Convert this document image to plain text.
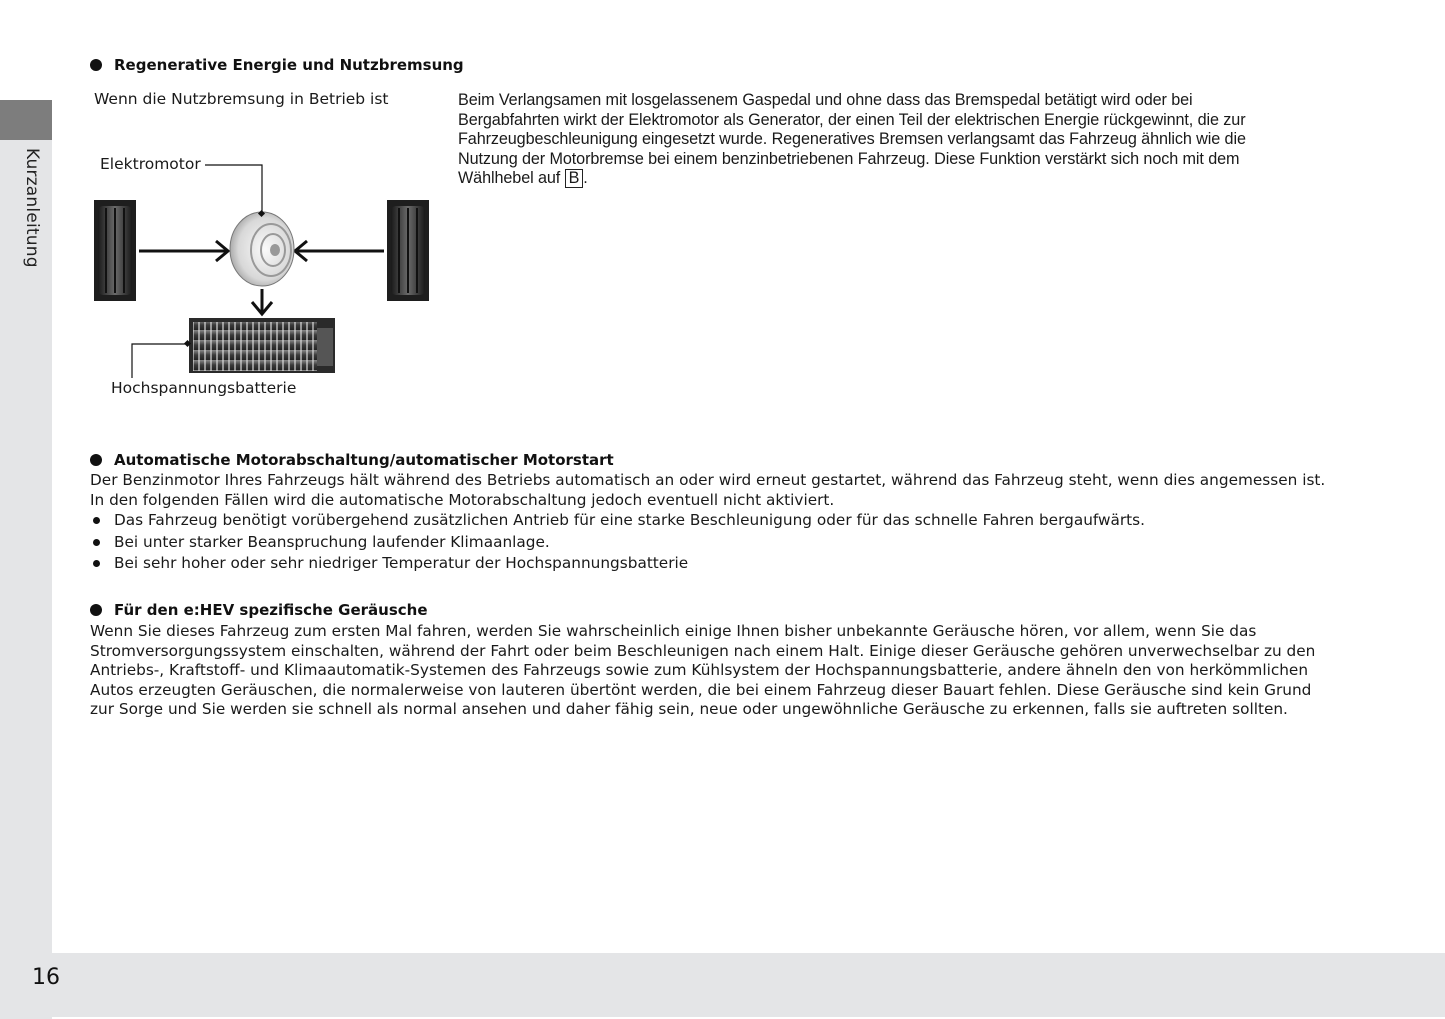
Kurzanleitung
Regenerative Energie und Nutzbremsung
Wenn die Nutzbremsung in Betrieb ist
Elektromotor
Hochspannungsbatterie
Beim Verlangsamen mit losgelassenem Gaspedal und ohne dass das Bremspedal betätigt wird oder bei
Bergabfahrten wirkt der Elektromotor als Generator, der einen Teil der elektrischen Energie rückgewinnt, die zur
Fahrzeugbeschleunigung eingesetzt wurde. Regeneratives Bremsen verlangsamt das Fahrzeug ähnlich wie die
Nutzung der Motorbremse bei einem benzinbetriebenen Fahrzeug. Diese Funktion verstärkt sich noch mit dem
Wählhebel auf B .
Automatische Motorabschaltung/automatischer Motorstart
Der Benzinmotor Ihres Fahrzeugs hält während des Betriebs automatisch an oder wird erneut gestartet, während das Fahrzeug steht, wenn dies angemessen ist.
In den folgenden Fällen wird die automatische Motorabschaltung jedoch eventuell nicht aktiviert.
Das Fahrzeug benötigt vorübergehend zusätzlichen Antrieb für eine starke Beschleunigung oder für das schnelle Fahren bergaufwärts.
Bei unter starker Beanspruchung laufender Klimaanlage.
Bei sehr hoher oder sehr niedriger Temperatur der Hochspannungsbatterie
Für den e:HEV spezifische Geräusche
Wenn Sie dieses Fahrzeug zum ersten Mal fahren, werden Sie wahrscheinlich einige Ihnen bisher unbekannte Geräusche hören, vor allem, wenn Sie das
Stromversorgungssystem einschalten, während der Fahrt oder beim Beschleunigen nach einem Halt. Einige dieser Geräusche gehören unverwechselbar zu den
Antriebs-, Kraftstoff- und Klimaautomatik-Systemen des Fahrzeugs sowie zum Kühlsystem der Hochspannungsbatterie, andere ähneln den von herkömmlichen
Autos erzeugten Geräuschen, die normalerweise von lauteren übertönt werden, die bei einem Fahrzeug dieser Bauart fehlen. Diese Geräusche sind kein Grund
zur Sorge und Sie werden sie schnell als normal ansehen und daher fähig sein, neue oder ungewöhnliche Geräusche zu erkennen, falls sie auftreten sollten.
16
